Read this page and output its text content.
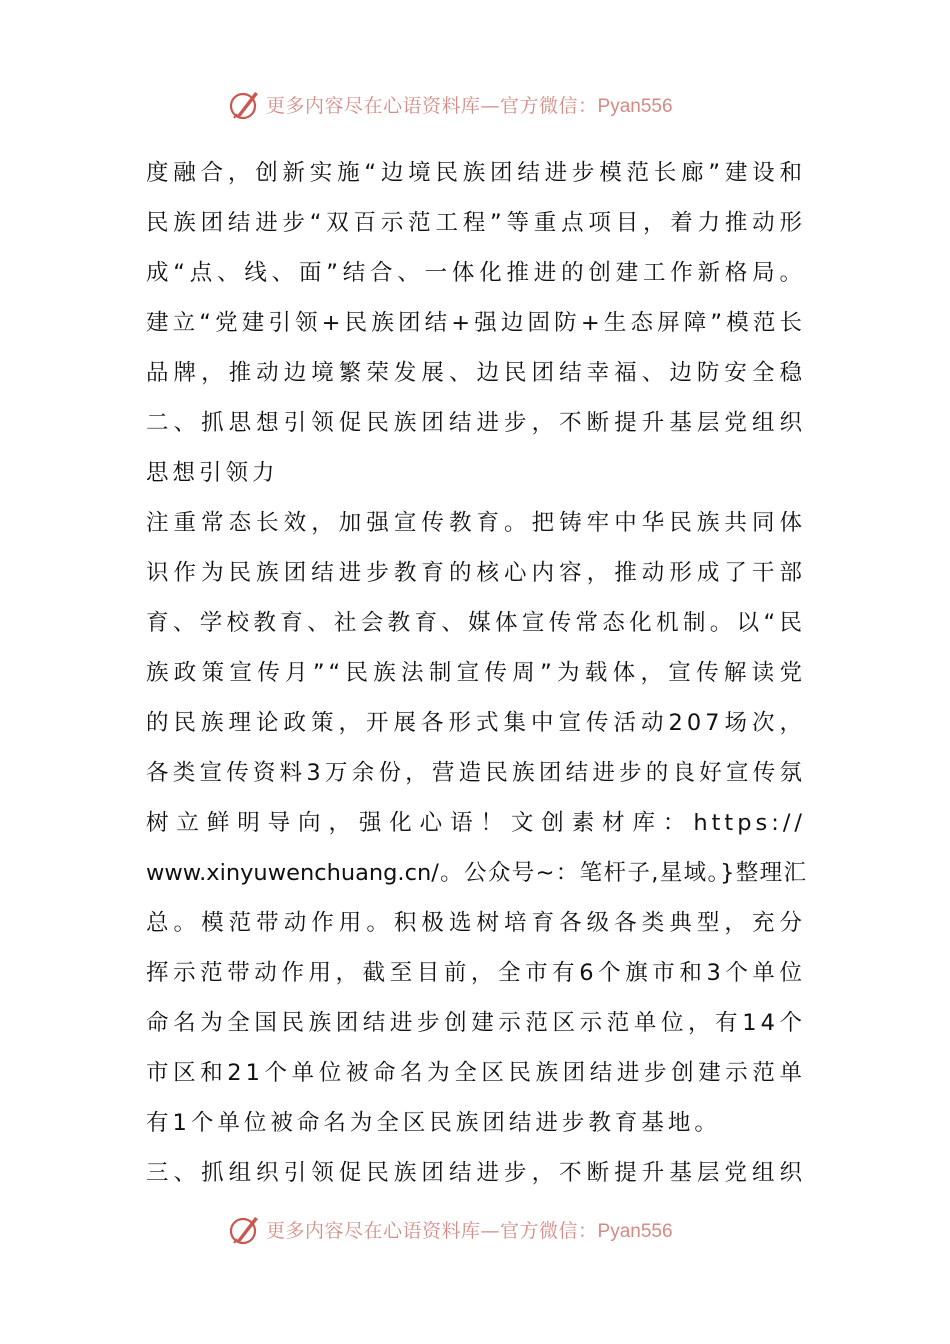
更多内容尽在心语资料库—官方微信：Pyan556
度融合，创新实施“边境民族团结进步模范长廊”建设和
民族团结进步“双百示范工程”等重点项目，着力推动形
成“点、线、面”结合、一体化推进的创建工作新格局。
建立“党建引领+民族团结+强边固防+生态屏障”模范长
品牌，推动边境繁荣发展、边民团结幸福、边防安全稳
二、抓思想引领促民族团结进步，不断提升基层党组织
思想引领力
注重常态长效，加强宣传教育。把铸牢中华民族共同体
识作为民族团结进步教育的核心内容，推动形成了干部
育、学校教育、社会教育、媒体宣传常态化机制。以“民
族政策宣传月”“民族法制宣传周”为载体，宣传解读党
的民族理论政策，开展各形式集中宣传活动207场次，
各类宣传资料3万余份，营造民族团结进步的良好宣传氛
树立鲜明导向，强化心语！文创素材库：https://
www.xinyuwenchuang.cn/。公众号~：笔杆子,星域。}整理汇
总。模范带动作用。积极选树培育各级各类典型，充分
挥示范带动作用，截至目前，全市有6个旗市和3个单位
命名为全国民族团结进步创建示范区示范单位，有14个
市区和21个单位被命名为全区民族团结进步创建示范单
有1个单位被命名为全区民族团结进步教育基地。
三、抓组织引领促民族团结进步，不断提升基层党组织
更多内容尽在心语资料库—官方微信：Pyan556
